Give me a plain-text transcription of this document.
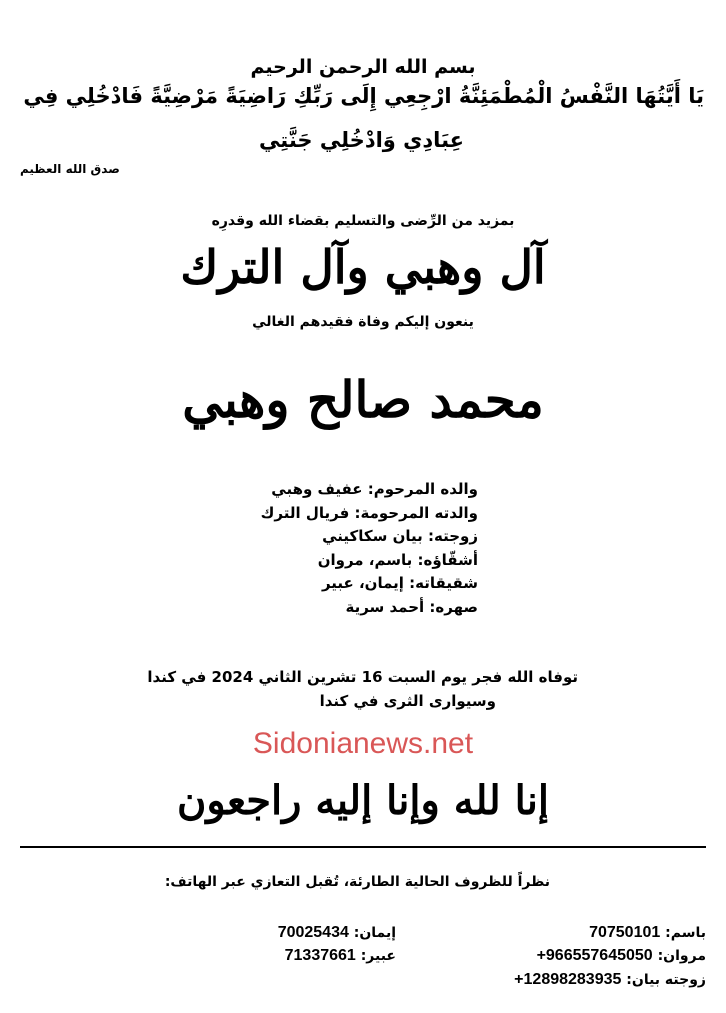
بسم الله الرحمن الرحيم
يَا أَيَّتُهَا النَّفْسُ الْمُطْمَئِنَّةُ ارْجِعِي إِلَى رَبِّكِ رَاضِيَةً مَرْضِيَّةً فَادْخُلِي فِي
عِبَادِي وَادْخُلِي جَنَّتِي
صدق الله العظيم
بمزيد من الرِّضى والتسليم بقضاء الله وقدرِه
آل وهبي وآل الترك
ينعون إليكم وفاة فقيدهم الغالي
محمد صالح وهبي
والده المرحوم: عفيف وهبي
والدته المرحومة: فريال الترك
زوجته: بيان سكاكيني
أشقّاؤه: باسم، مروان
شقيقاته: إيمان، عبير
صهره: أحمد سرية
توفاه الله فجر يوم السبت 16 تشرين الثاني 2024 في كندا
وسيوارى الثرى في كندا
Sidonianews.net
إنا لله وإنا إليه راجعون
نظراً للظروف الحالية الطارئة، تُقبل التعازي عبر الهاتف:
باسم: 70750101
مروان: +966557645050
زوجته بيان: +12898283935
إيمان: 70025434
عبير: 71337661
